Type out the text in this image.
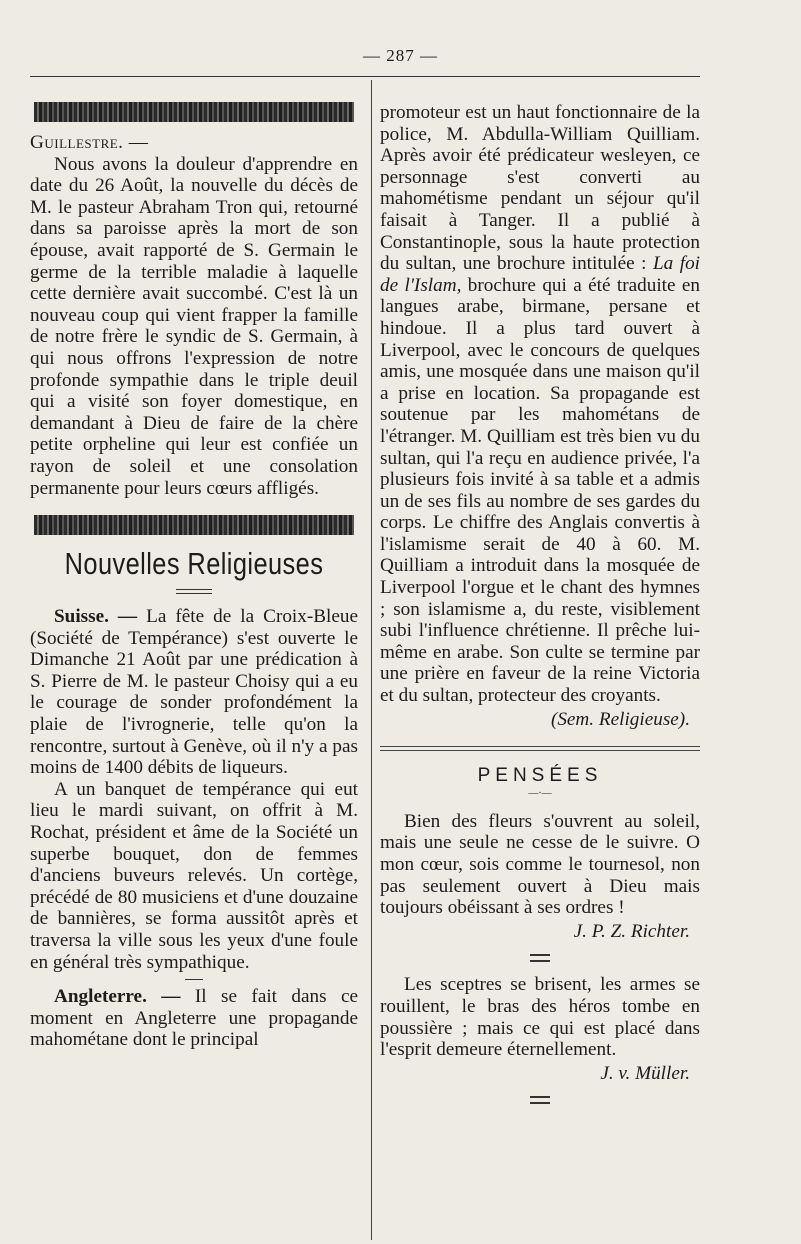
— 287 —

Guillestre. —

Nous avons la douleur d'apprendre en date du 26 Août, la nouvelle du décès de M. le pasteur Abraham Tron qui, retourné dans sa paroisse après la mort de son épouse, avait rapporté de S. Germain le germe de la terrible maladie à laquelle cette dernière avait succombé. C'est là un nouveau coup qui vient frapper la famille de notre frère le syndic de S. Germain, à qui nous offrons l'expression de notre profonde sympathie dans le triple deuil qui a visité son foyer domestique, en demandant à Dieu de faire de la chère petite orpheline qui leur est confiée un rayon de soleil et une consolation permanente pour leurs cœurs affligés.

Nouvelles Religieuses

Suisse. — La fête de la Croix-Bleue (Société de Tempérance) s'est ouverte le Dimanche 21 Août par une prédication à S. Pierre de M. le pasteur Choisy qui a eu le courage de sonder profondément la plaie de l'ivrognerie, telle qu'on la rencontre, surtout à Genève, où il n'y a pas moins de 1400 débits de liqueurs.

A un banquet de tempérance qui eut lieu le mardi suivant, on offrit à M. Rochat, président et âme de la Société un superbe bouquet, don de femmes d'anciens buveurs relevés. Un cortège, précédé de 80 musiciens et d'une douzaine de bannières, se forma aussitôt après et traversa la ville sous les yeux d'une foule en général très sympathique.

Angleterre. — Il se fait dans ce moment en Angleterre une propagande mahométane dont le principal

promoteur est un haut fonctionnaire de la police, M. Abdulla-William Quilliam. Après avoir été prédicateur wesleyen, ce personnage s'est converti au mahométisme pendant un séjour qu'il faisait à Tanger. Il a publié à Constantinople, sous la haute protection du sultan, une brochure intitulée : La foi de l'Islam, brochure qui a été traduite en langues arabe, birmane, persane et hindoue. Il a plus tard ouvert à Liverpool, avec le concours de quelques amis, une mosquée dans une maison qu'il a prise en location. Sa propagande est soutenue par les mahométans de l'étranger. M. Quilliam est très bien vu du sultan, qui l'a reçu en audience privée, l'a plusieurs fois invité à sa table et a admis un de ses fils au nombre de ses gardes du corps. Le chiffre des Anglais convertis à l'islamisme serait de 40 à 60. M. Quilliam a introduit dans la mosquée de Liverpool l'orgue et le chant des hymnes ; son islamisme a, du reste, visiblement subi l'influence chrétienne. Il prêche lui-même en arabe. Son culte se termine par une prière en faveur de la reine Victoria et du sultan, protecteur des croyants.

(Sem. Religieuse).
PENSÉES
—·—

Bien des fleurs s'ouvrent au soleil, mais une seule ne cesse de le suivre. O mon cœur, sois comme le tournesol, non pas seulement ouvert à Dieu mais toujours obéissant à ses ordres !

J. P. Z. Richter.

Les sceptres se brisent, les armes se rouillent, le bras des héros tombe en poussière ; mais ce qui est placé dans l'esprit demeure éternellement.

J. v. Müller.
